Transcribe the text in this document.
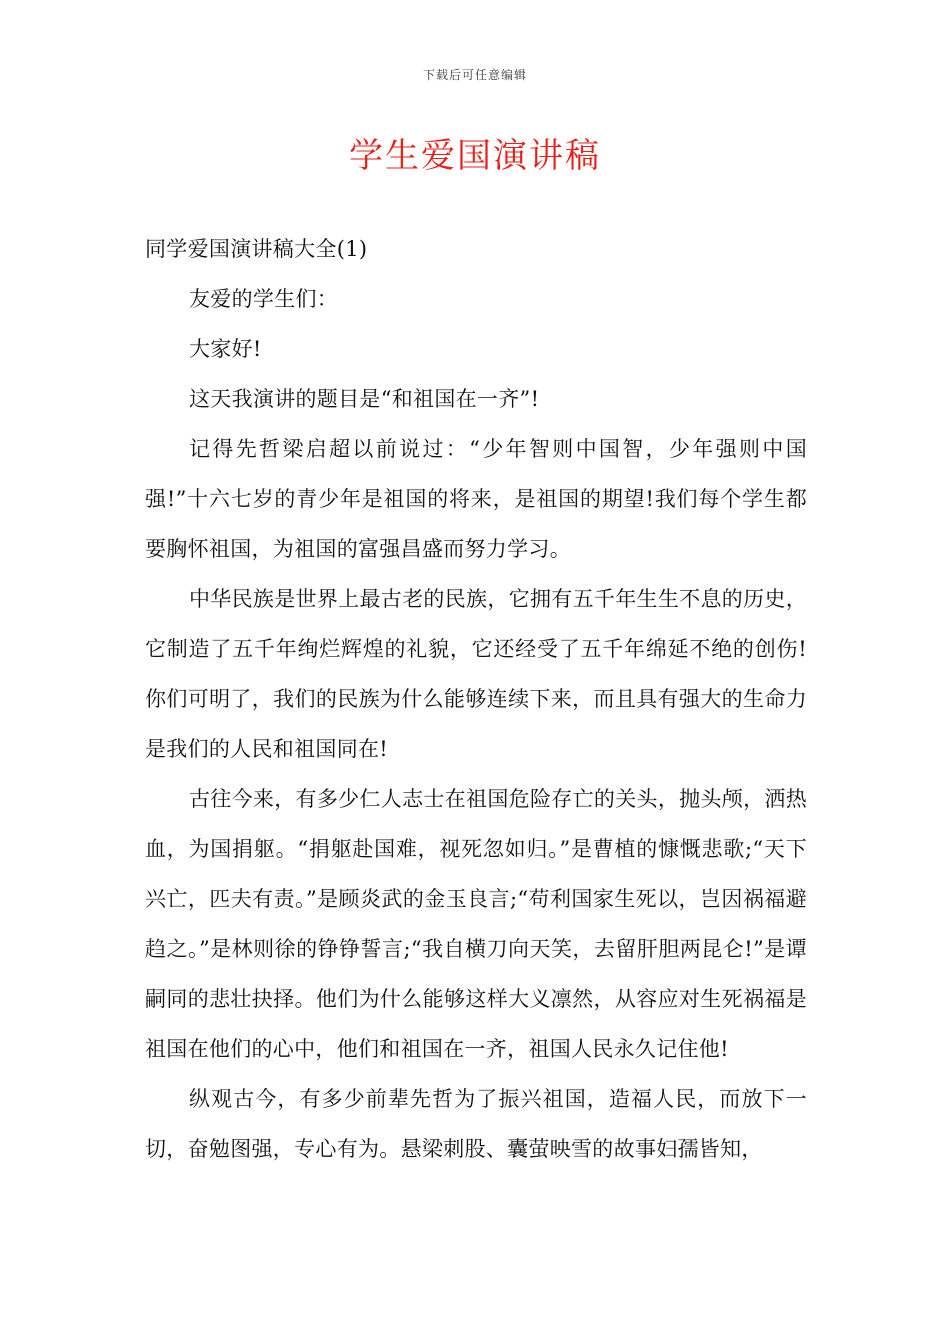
下载后可任意编辑
学生爱国演讲稿

同学爱国演讲稿大全(1)

友爱的学生们：

大家好!

这天我演讲的题目是“和祖国在一齐”!

记得先哲梁启超以前说过：“少年智则中国智，少年强则中国强!”十六七岁的青少年是祖国的将来，是祖国的期望!我们每个学生都要胸怀祖国，为祖国的富强昌盛而努力学习。

中华民族是世界上最古老的民族，它拥有五千年生生不息的历史，它制造了五千年绚烂辉煌的礼貌，它还经受了五千年绵延不绝的创伤!你们可明了，我们的民族为什么能够连续下来，而且具有强大的生命力是我们的人民和祖国同在!

古往今来，有多少仁人志士在祖国危险存亡的关头，抛头颅，洒热血，为国捐躯。“捐躯赴国难，视死忽如归。”是曹植的慷慨悲歌;“天下兴亡，匹夫有责。”是顾炎武的金玉良言;“苟利国家生死以，岂因祸福避趋之。”是林则徐的铮铮誓言;“我自横刀向天笑，去留肝胆两昆仑!”是谭嗣同的悲壮抉择。他们为什么能够这样大义凛然，从容应对生死祸福是祖国在他们的心中，他们和祖国在一齐，祖国人民永久记住他!

纵观古今，有多少前辈先哲为了振兴祖国，造福人民，而放下一切，奋勉图强，专心有为。悬梁刺股、囊萤映雪的故事妇孺皆知，
